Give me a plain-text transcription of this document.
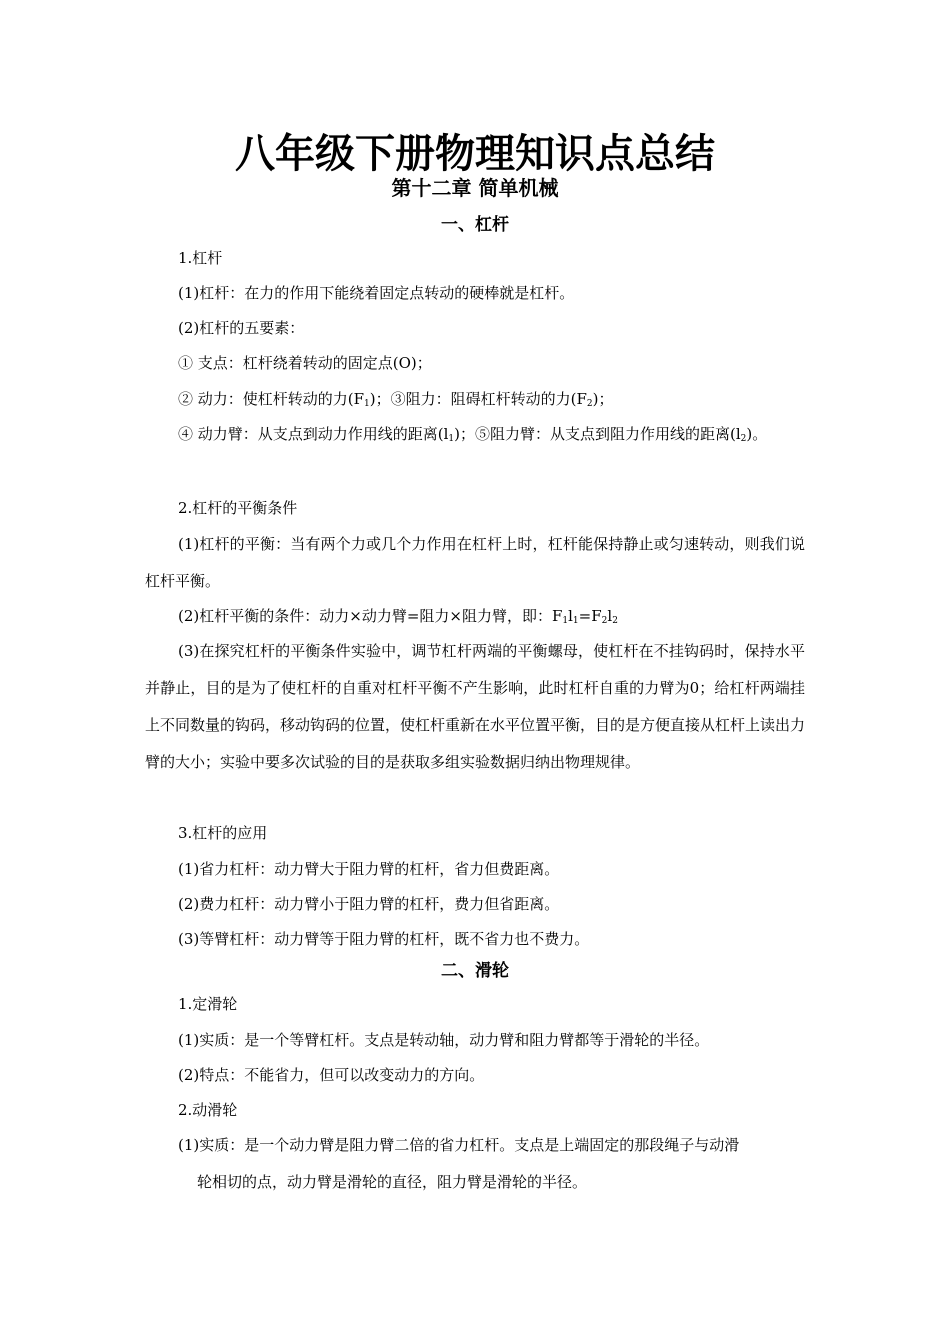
八年级下册物理知识点总结
第十二章 简单机械
一、杠杆
1.杠杆
(1)杠杆：在力的作用下能绕着固定点转动的硬棒就是杠杆。
(2)杠杆的五要素：
① 支点：杠杆绕着转动的固定点(O)；
② 动力：使杠杆转动的力$(F_1)$；③阻力：阻碍杠杆转动的力$(F_2)$；
④ 动力臂：从支点到动力作用线的距离$(l_1)$；⑤阻力臂：从支点到阻力作用线的距离$(l_2)$。
2.杠杆的平衡条件
(1)杠杆的平衡：当有两个力或几个力作用在杠杆上时，杠杆能保持静止或匀速转动，则我们说杠杆平衡。
(2)杠杆平衡的条件：动力×动力臂=阻力×阻力臂，即：$F_1l_1=F_2l_2$
(3)在探究杠杆的平衡条件实验中，调节杠杆两端的平衡螺母，使杠杆在不挂钩码时，保持水平并静止，目的是为了使杠杆的自重对杠杆平衡不产生影响，此时杠杆自重的力臂为0；给杠杆两端挂上不同数量的钩码，移动钩码的位置，使杠杆重新在水平位置平衡，目的是方便直接从杠杆上读出力臂的大小；实验中要多次试验的目的是获取多组实验数据归纳出物理规律。
3.杠杆的应用
(1)省力杠杆：动力臂大于阻力臂的杠杆，省力但费距离。
(2)费力杠杆：动力臂小于阻力臂的杠杆，费力但省距离。
(3)等臂杠杆：动力臂等于阻力臂的杠杆，既不省力也不费力。
二、滑轮
1.定滑轮
(1)实质：是一个等臂杠杆。支点是转动轴，动力臂和阻力臂都等于滑轮的半径。
(2)特点：不能省力，但可以改变动力的方向。
2.动滑轮
(1)实质：是一个动力臂是阻力臂二倍的省力杠杆。支点是上端固定的那段绳子与动滑
轮相切的点，动力臂是滑轮的直径，阻力臂是滑轮的半径。
